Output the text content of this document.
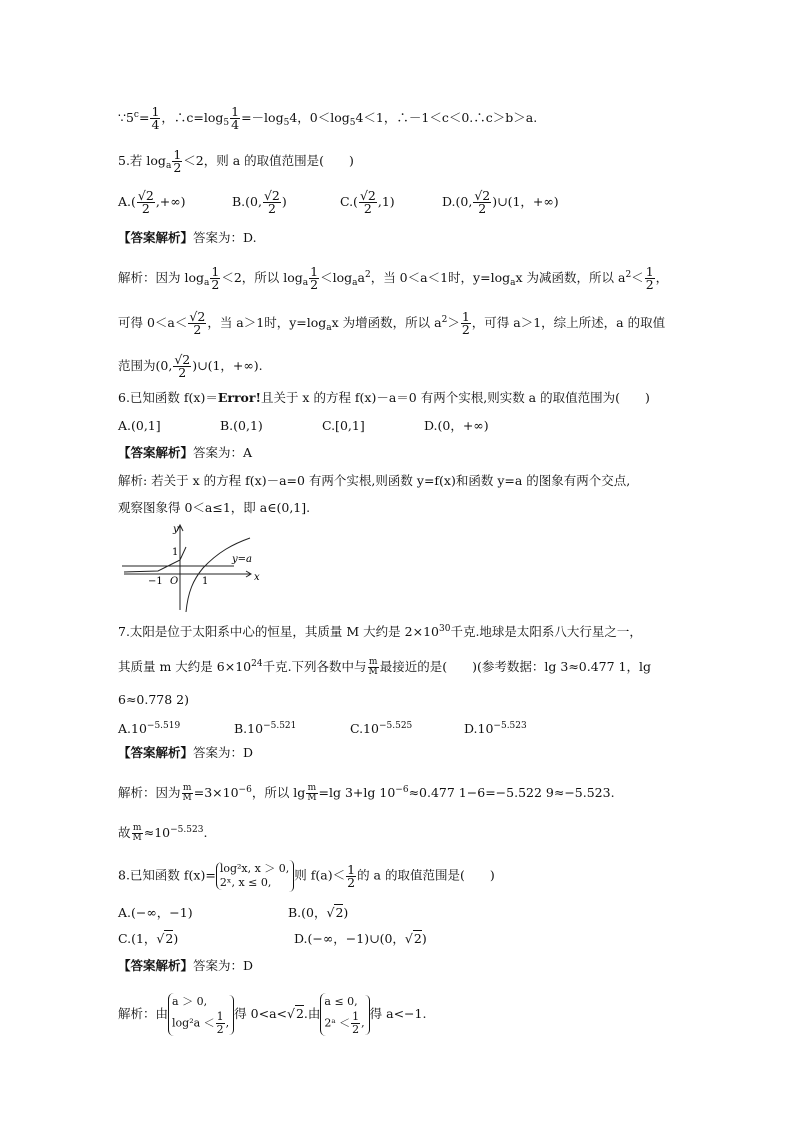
$\because 5^c= \frac{1}{4}$ ，$\therefore c=\log_5 \frac{1}{4} =-\log_54$，$0<\log_54<1$，∴－1＜c＜0.∴c＞b＞a.
5.若 $\log_a \frac{1}{2} <2$，则 a 的取值范围是(　　)
$A.( \frac{√2}{2}$ ,+∞)	B.(0, $\frac{√2}{2}$ )	$C.( \frac{√2}{2} ,1)$	D.(0, $\frac{√2}{2}$ )∪(1，+∞)
【答案解析】答案为：D.
解析：因为 $\log_a \frac{1}{2} <2$，所以 $\log_a \frac{1}{2} <\log_aa^2$，当 0＜a＜1时，$y=\log_ax$ 为减函数，所以 $a^2< \frac{1}{2}$ ，
可得 $0<a< \frac{√2}{2}$ ，当 a＞1时，$y=\log_ax$ 为增函数，所以 $a^2> \frac{1}{2}$ ，可得 a＞1，综上所述，a 的取值
范围为(0, $\frac{√2}{2}$ )∪(1，+∞).
6.已知函数 f(x)＝Error!且关于 x 的方程 f(x)－a＝0 有两个实根,则实数 a 的取值范围为(　　)
A.(0,1]	B.(0,1)	C.[0,1]	D.(0，+∞)
【答案解析】答案为：A
解析: 若关于 x 的方程 f(x)－a=0 有两个实根,则函数 y=f(x)和函数 y=a 的图象有两个交点,
观察图象得 0＜a≤1，即 a∈(0,1].
y
x
1
−1 O 1
y=a
7.太阳是位于太阳系中心的恒星，其质量 M 大约是 $2\times 10^{30}$千克.地球是太阳系八大行星之一，
其质量 m 大约是 $6\times 10^{24}$千克.下列各数中与 $\frac{m}{M}$ 最接近的是(　　)(参考数据：lg 3≈0.477 1，lg
6≈0.778 2)
$A.10^{-5.519}$	$B.10^{-5.521}$	$C.10^{-5.525}$	$D.10^{-5.523}$
【答案解析】答案为：D
解析：因为 $\frac{m}{M} =3\times 10^{-6}$，所以 $\lg \frac{m}{M} =\lg$ 3+lg $10^{-6}\approx 0.477$ 1−6=−5.522 9≈−5.523.
故 $\frac{m}{M} \approx 10^{-5.523}$.
8.已知函数 f(x)= log²x, x ＞ 0,
2ˣ, x ≤ 0,	则 $f(a)< \frac{1}{2}$ 的 a 的取值范围是(　　)
A.(−∞，−1)	B.(0，√2)
C.(1，√2)	D.(−∞，−1)∪(0，√2)
【答案解析】答案为：D
解析：由
a ＞ 0,
$\log^2a < \frac{1}{2}$ ,
得 0<a<√2.由
a ≤ 0,
2ᵃ ＜ $\frac{1}{2}$ ,
得 a<−1.
